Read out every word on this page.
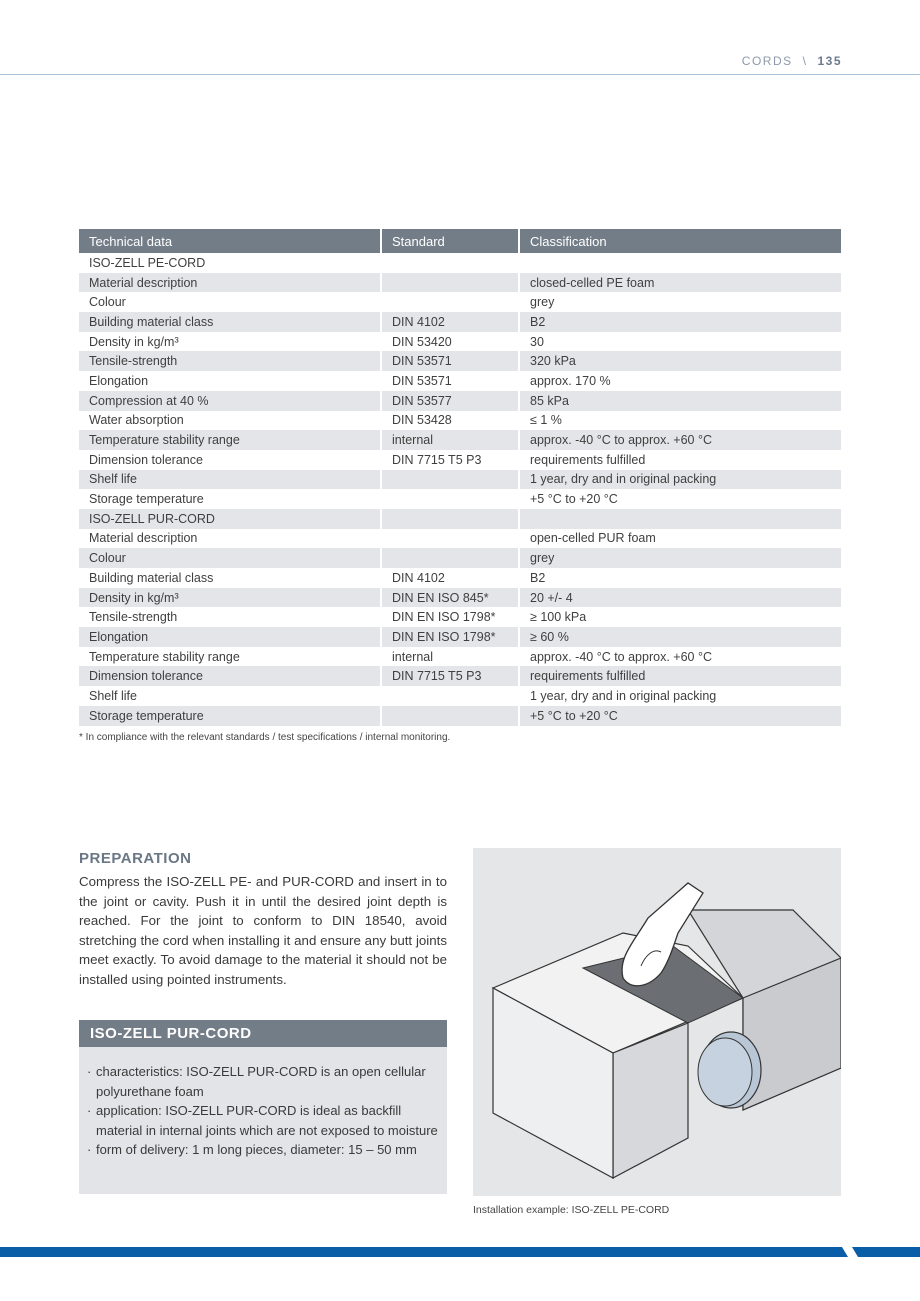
CORDS \ 135
Technical data	Standard	Classification
ISO-ZELL PE-CORD		
Material description		closed-celled PE foam
Colour		grey
Building material class	DIN 4102	B2
Density in kg/m³	DIN 53420	30
Tensile-strength	DIN 53571	320 kPa
Elongation	DIN 53571	approx. 170 %
Compression at 40 %	DIN 53577	85 kPa
Water absorption	DIN 53428	≤ 1 %
Temperature stability range	internal	approx. -40 °C to approx. +60 °C
Dimension tolerance	DIN 7715 T5 P3	requirements fulfilled
Shelf life		1 year, dry and in original packing
Storage temperature		+5 °C to +20 °C
ISO-ZELL PUR-CORD		
Material description		open-celled PUR foam
Colour		grey
Building material class	DIN 4102	B2
Density in kg/m³	DIN EN ISO 845*	20 +/- 4
Tensile-strength	DIN EN ISO 1798*	≥ 100 kPa
Elongation	DIN EN ISO 1798*	≥ 60 %
Temperature stability range	internal	approx. -40 °C to approx. +60 °C
Dimension tolerance	DIN 7715 T5 P3	requirements fulfilled
Shelf life		1 year, dry and in original packing
Storage temperature		+5 °C to +20 °C
* In compliance with the relevant standards / test specifications / internal monitoring.
PREPARATION
Compress the ISO-ZELL PE- and PUR-CORD and insert in to the joint or cavity. Push it in until the desired joint depth is reached. For the joint to conform to DIN 18540, avoid stretching the cord when installing it and ensure any butt joints meet exactly. To avoid damage to the material it should not be installed using pointed instruments.
ISO-ZELL PUR-CORD
· characteristics: ISO-ZELL PUR-CORD is an open cellular polyurethane foam
· application: ISO-ZELL PUR-CORD is ideal as backfill material in internal joints which are not exposed to moisture
· form of delivery: 1 m long pieces, diameter: 15 – 50 mm
Installation example: ISO-ZELL PE-CORD
